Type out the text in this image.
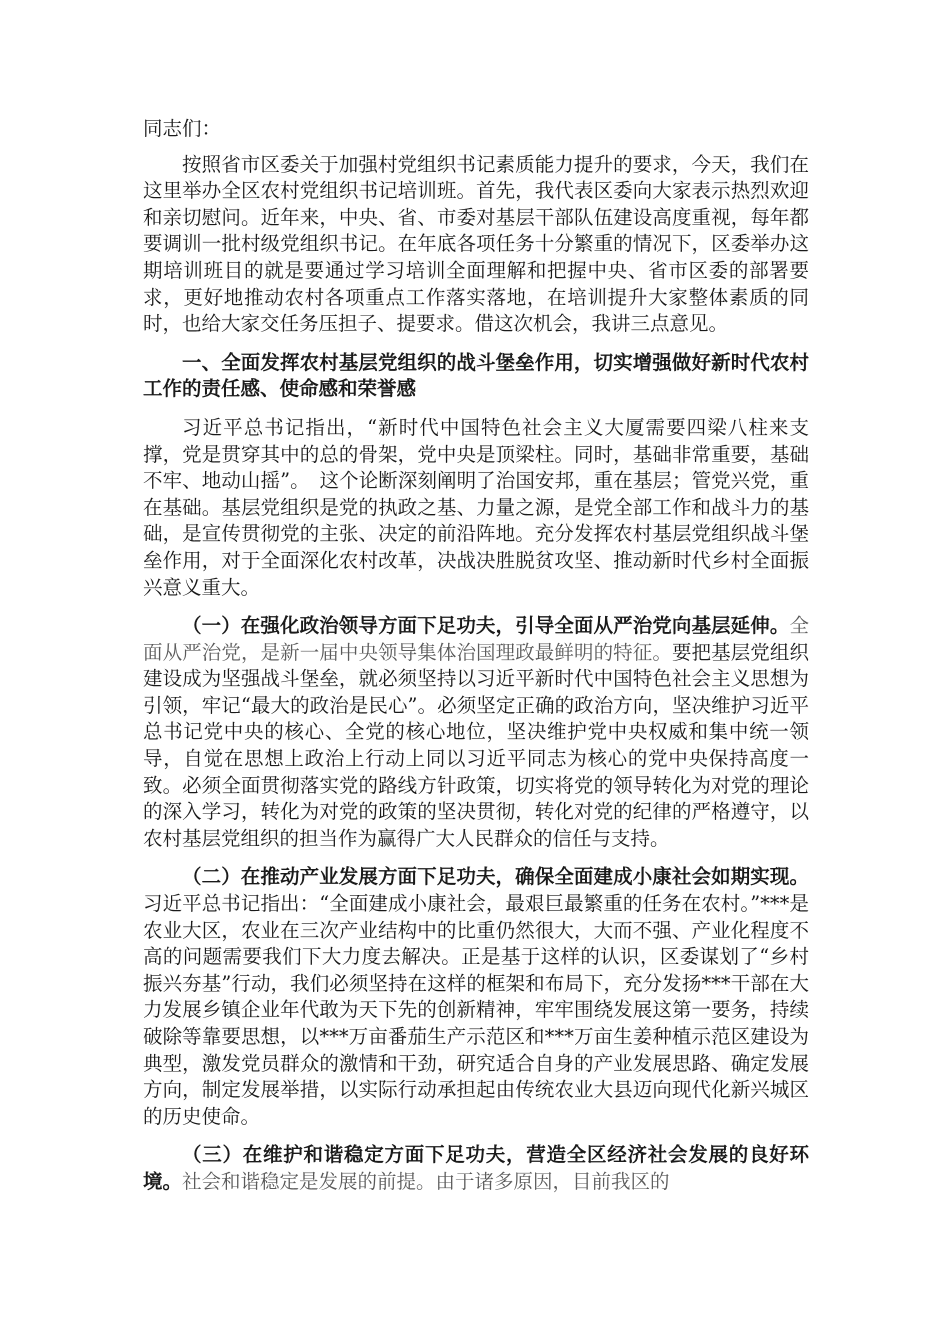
同志们：

按照省市区委关于加强村党组织书记素质能力提升的要求，今天，我们在这里举办全区农村党组织书记培训班。首先，我代表区委向大家表示热烈欢迎和亲切慰问。近年来，中央、省、市委对基层干部队伍建设高度重视，每年都要调训一批村级党组织书记。在年底各项任务十分繁重的情况下，区委举办这期培训班目的就是要通过学习培训全面理解和把握中央、省市区委的部署要求，更好地推动农村各项重点工作落实落地，在培训提升大家整体素质的同时，也给大家交任务压担子、提要求。借这次机会，我讲三点意见。

一、全面发挥农村基层党组织的战斗堡垒作用，切实增强做好新时代农村工作的责任感、使命感和荣誉感

习近平总书记指出，“新时代中国特色社会主义大厦需要四梁八柱来支撑，党是贯穿其中的总的骨架，党中央是顶梁柱。同时，基础非常重要，基础不牢、地动山摇”。　这个论断深刻阐明了治国安邦，重在基层；管党兴党，重在基础。基层党组织是党的执政之基、力量之源，是党全部工作和战斗力的基础，是宣传贯彻党的主张、决定的前沿阵地。充分发挥农村基层党组织战斗堡垒作用，对于全面深化农村改革，决战决胜脱贫攻坚、推动新时代乡村全面振兴意义重大。

（一）在强化政治领导方面下足功夫，引导全面从严治党向基层延伸。全面从严治党，是新一届中央领导集体治国理政最鲜明的特征。要把基层党组织建设成为坚强战斗堡垒，就必须坚持以习近平新时代中国特色社会主义思想为引领，牢记“最大的政治是民心”。必须坚定正确的政治方向，坚决维护习近平总书记党中央的核心、全党的核心地位，坚决维护党中央权威和集中统一领导，自觉在思想上政治上行动上同以习近平同志为核心的党中央保持高度一致。必须全面贯彻落实党的路线方针政策，切实将党的领导转化为对党的理论的深入学习，转化为对党的政策的坚决贯彻，转化对党的纪律的严格遵守，以农村基层党组织的担当作为赢得广大人民群众的信任与支持。

（二）在推动产业发展方面下足功夫，确保全面建成小康社会如期实现。习近平总书记指出：“全面建成小康社会，最艰巨最繁重的任务在农村。”***是农业大区，农业在三次产业结构中的比重仍然很大，大而不强、产业化程度不高的问题需要我们下大力度去解决。正是基于这样的认识，区委谋划了“乡村振兴夯基”行动，我们必须坚持在这样的框架和布局下，充分发扬***干部在大力发展乡镇企业年代敢为天下先的创新精神，牢牢围绕发展这第一要务，持续破除等靠要思想，以***万亩番茄生产示范区和***万亩生姜种植示范区建设为典型，激发党员群众的激情和干劲，研究适合自身的产业发展思路、确定发展方向，制定发展举措，以实际行动承担起由传统农业大县迈向现代化新兴城区的历史使命。

（三）在维护和谐稳定方面下足功夫，营造全区经济社会发展的良好环境。社会和谐稳定是发展的前提。由于诸多原因，目前我区的
